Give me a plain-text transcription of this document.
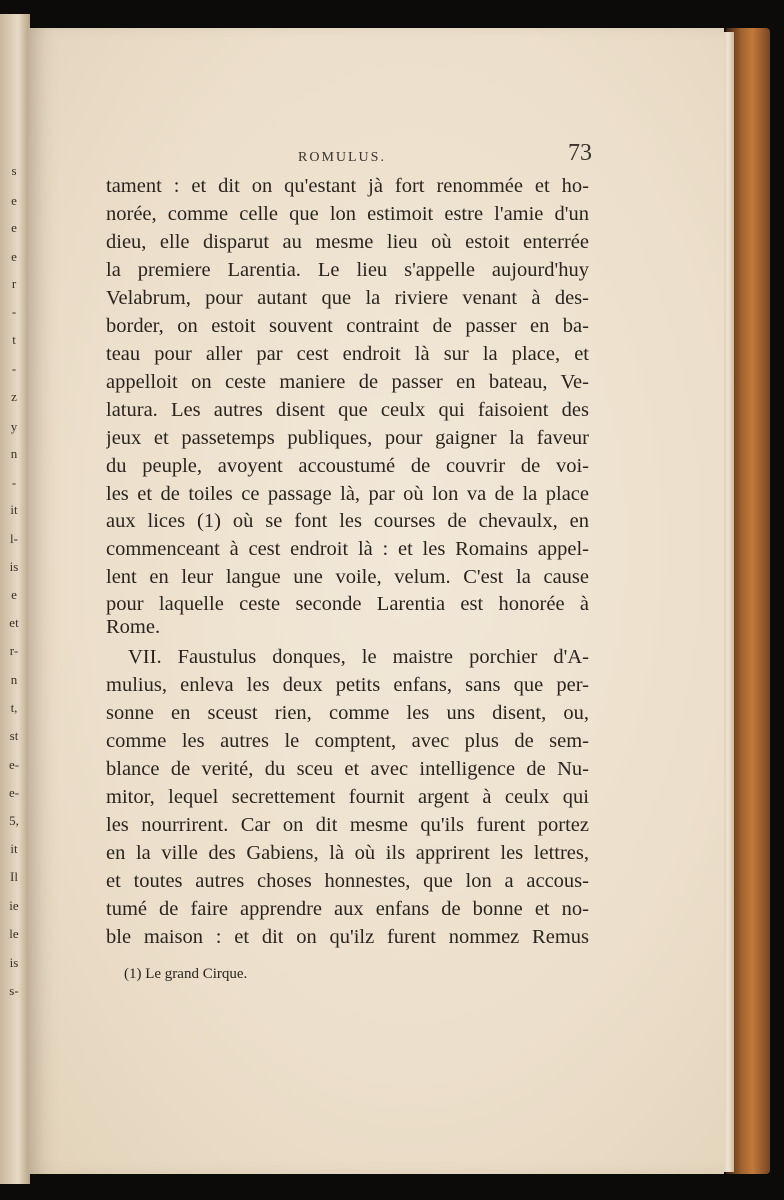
s
e
e
e
r
-
t
-
z
y
n
-
it
l-
is
e
et
r-
n
t,
st
e-
e-
5,
it
Il
ie
le
is
s-
ROMULUS.	73
tament : et dit on qu'estant jà fort renommée et ho-
norée, comme celle que lon estimoit estre l'amie d'un
dieu, elle disparut au mesme lieu où estoit enterrée
la premiere Larentia. Le lieu s'appelle aujourd'huy
Velabrum, pour autant que la riviere venant à des-
border, on estoit souvent contraint de passer en ba-
teau pour aller par cest endroit là sur la place, et
appelloit on ceste maniere de passer en bateau, Ve-
latura. Les autres disent que ceulx qui faisoient des
jeux et passetemps publiques, pour gaigner la faveur
du peuple, avoyent accoustumé de couvrir de voi-
les et de toiles ce passage là, par où lon va de la place
aux lices (1) où se font les courses de chevaulx, en
commenceant à cest endroit là : et les Romains appel-
lent en leur langue une voile, velum. C'est la cause
pour laquelle ceste seconde Larentia est honorée à
Rome.
VII. Faustulus donques, le maistre porchier d'A-
mulius, enleva les deux petits enfans, sans que per-
sonne en sceust rien, comme les uns disent, ou,
comme les autres le comptent, avec plus de sem-
blance de verité, du sceu et avec intelligence de Nu-
mitor, lequel secrettement fournit argent à ceulx qui
les nourrirent. Car on dit mesme qu'ils furent portez
en la ville des Gabiens, là où ils apprirent les lettres,
et toutes autres choses honnestes, que lon a accous-
tumé de faire apprendre aux enfans de bonne et no-
ble maison : et dit on qu'ilz furent nommez Remus
(1) Le grand Cirque.
